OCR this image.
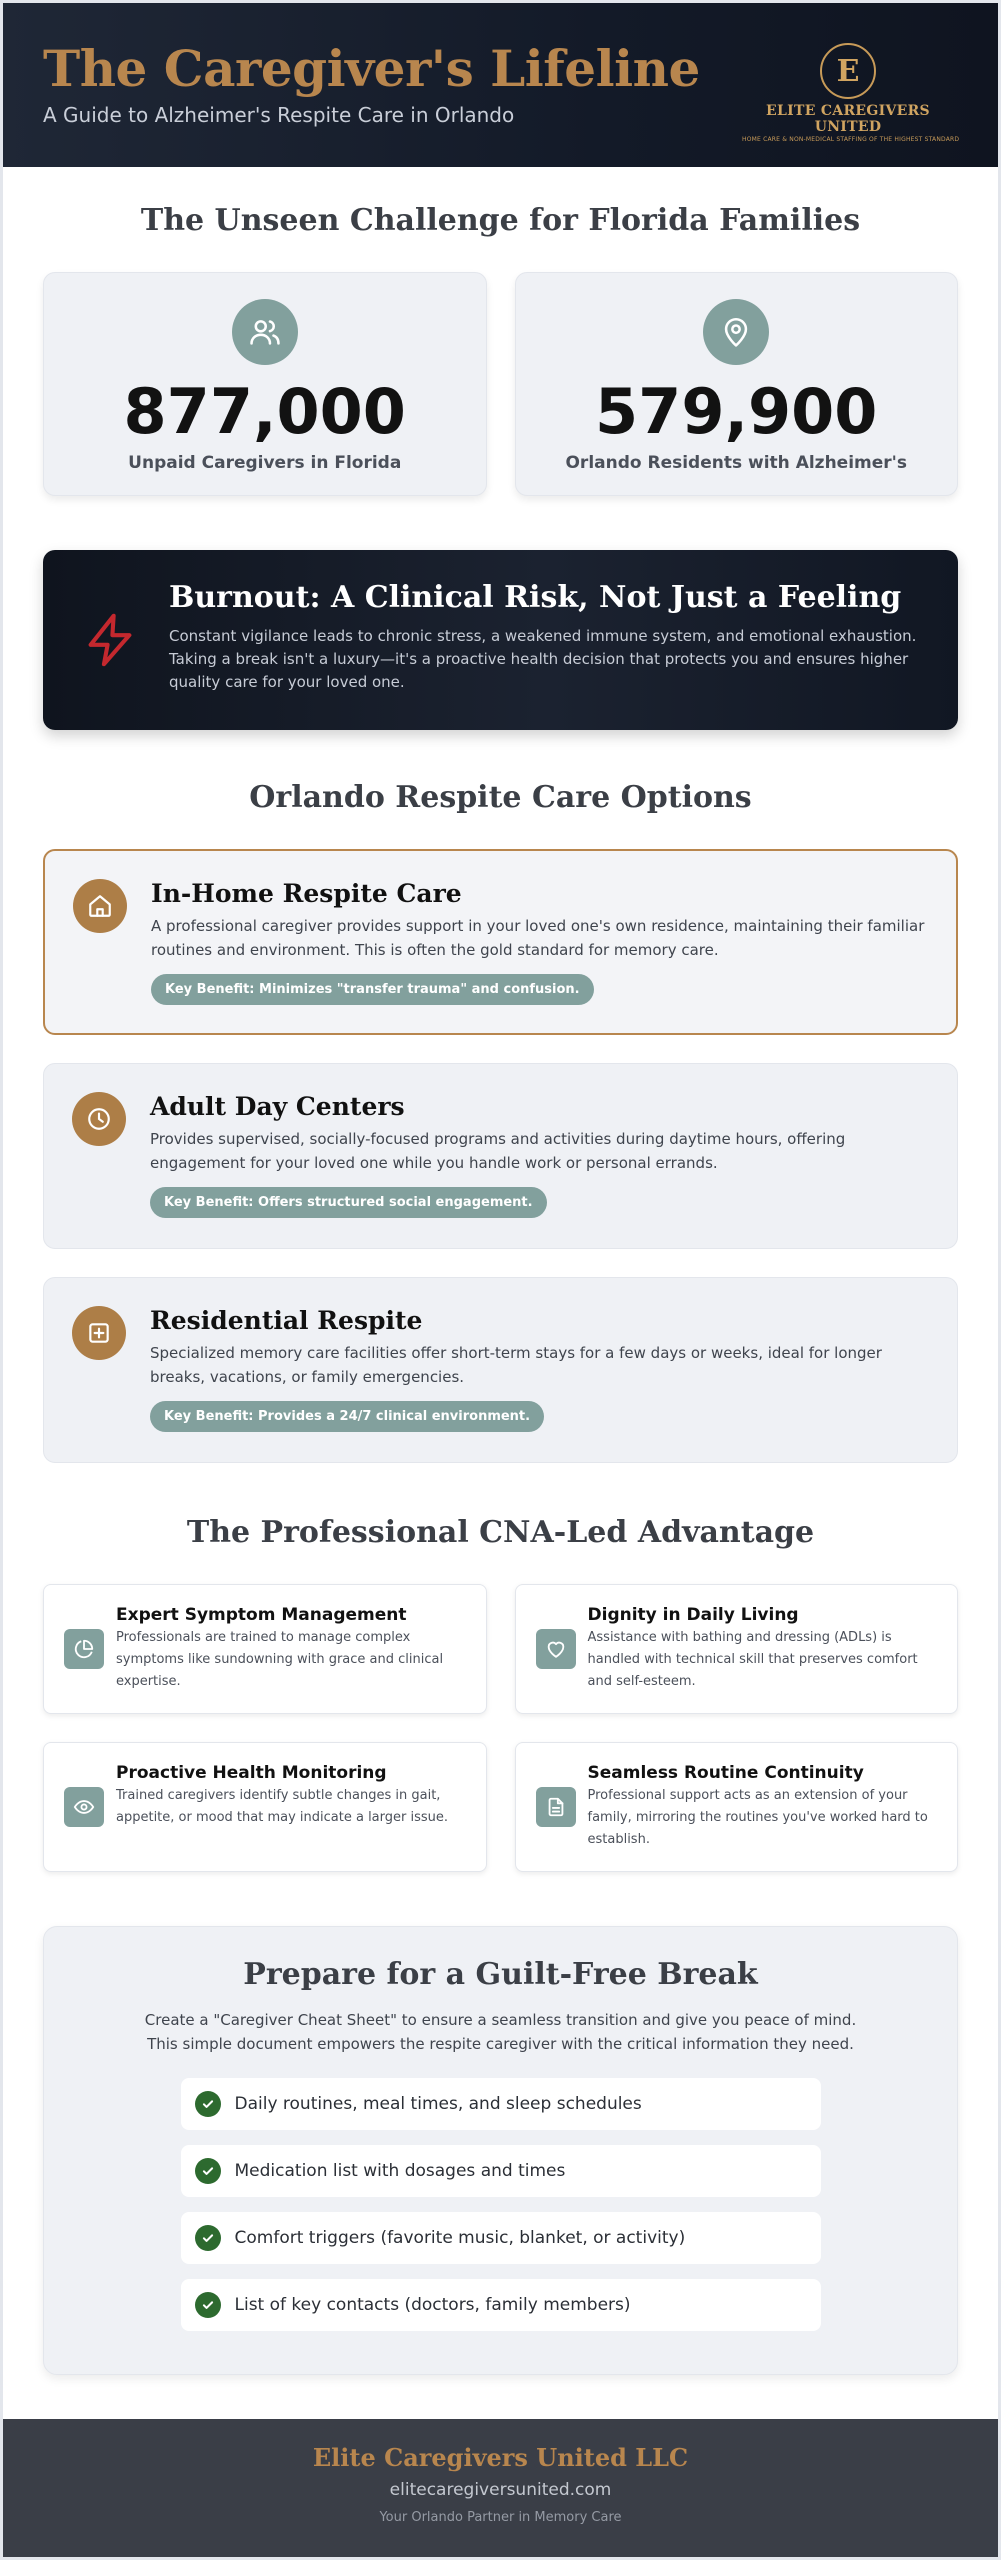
The Caregiver's Lifeline
A Guide to Alzheimer's Respite Care in Orlando
E
ELITE CAREGIVERS UNITED
HOME CARE & NON-MEDICAL STAFFING OF THE HIGHEST STANDARD
The Unseen Challenge for Florida Families
877,000
Unpaid Caregivers in Florida
579,900
Orlando Residents with Alzheimer's
Burnout: A Clinical Risk, Not Just a Feeling

Constant vigilance leads to chronic stress, a weakened immune system, and emotional exhaustion. Taking a break isn't a luxury—it's a proactive health decision that protects you and ensures higher quality care for your loved one.

Orlando Respite Care Options
In-Home Respite Care

A professional caregiver provides support in your loved one's own residence, maintaining their familiar routines and environment. This is often the gold standard for memory care.

Key Benefit: Minimizes "transfer trauma" and confusion.
Adult Day Centers

Provides supervised, socially-focused programs and activities during daytime hours, offering engagement for your loved one while you handle work or personal errands.

Key Benefit: Offers structured social engagement.
Residential Respite

Specialized memory care facilities offer short-term stays for a few days or weeks, ideal for longer breaks, vacations, or family emergencies.

Key Benefit: Provides a 24/7 clinical environment.
The Professional CNA-Led Advantage
Expert Symptom Management

Professionals are trained to manage complex symptoms like sundowning with grace and clinical expertise.

Dignity in Daily Living

Assistance with bathing and dressing (ADLs) is handled with technical skill that preserves comfort and self-esteem.

Proactive Health Monitoring

Trained caregivers identify subtle changes in gait, appetite, or mood that may indicate a larger issue.

Seamless Routine Continuity

Professional support acts as an extension of your family, mirroring the routines you've worked hard to establish.

Prepare for a Guilt-Free Break
Create a "Caregiver Cheat Sheet" to ensure a seamless transition and give you peace of mind.
This simple document empowers the respite caregiver with the critical information they need.
Daily routines, meal times, and sleep schedules
Medication list with dosages and times
Comfort triggers (favorite music, blanket, or activity)
List of key contacts (doctors, family members)
Elite Caregivers United LLC
elitecaregiversunited.com
Your Orlando Partner in Memory Care
